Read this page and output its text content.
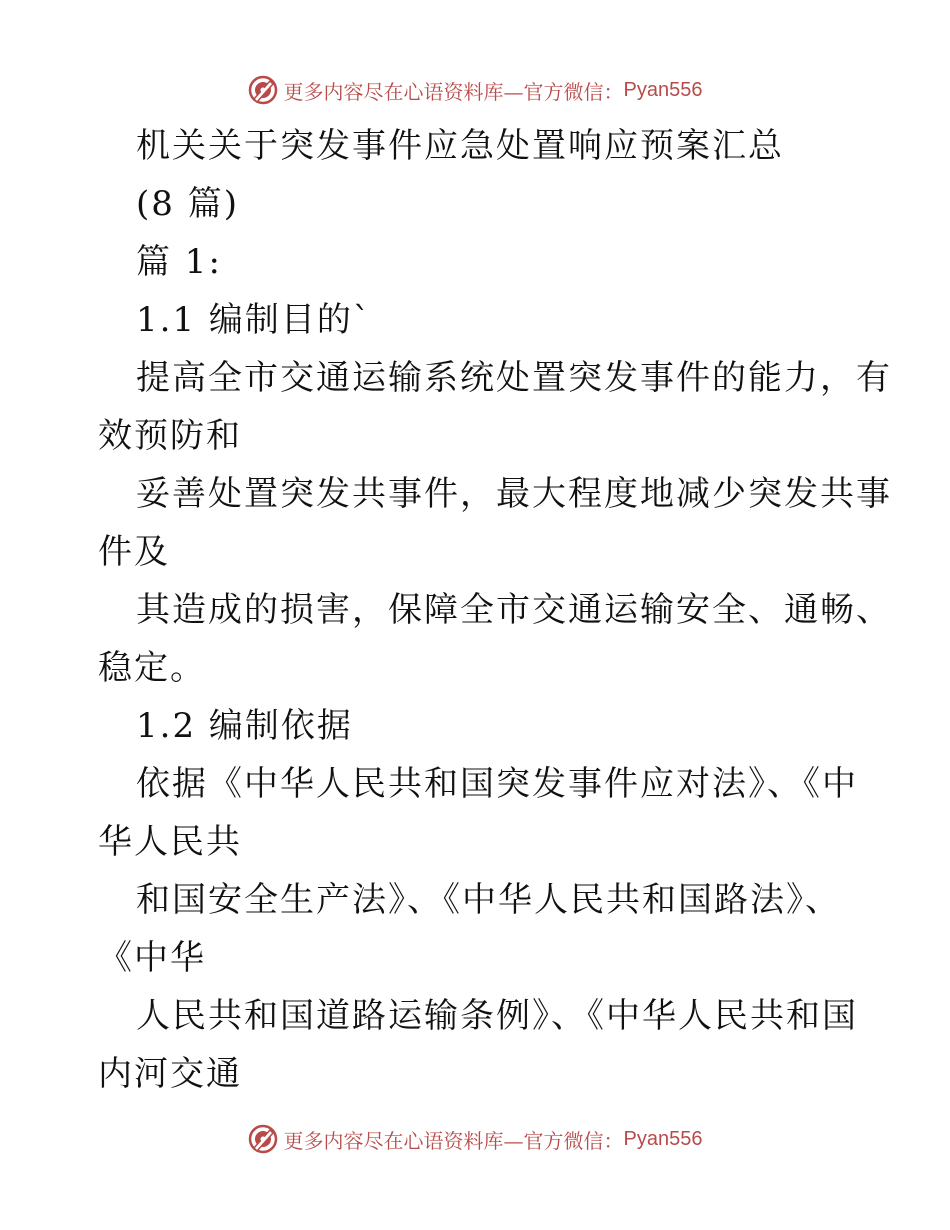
更多内容尽在心语资料库—官方微信： Pyan556
机关关于突发事件应急处置响应预案汇总
(8 篇)
篇 1:
1.1 编制目的`
提高全市交通运输系统处置突发事件的能力，有
效预防和
妥善处置突发共事件，最大程度地减少突发共事
件及
其造成的损害，保障全市交通运输安全、通畅、
稳定。
1.2 编制依据
依据《中华人民共和国突发事件应对法》、《中
华人民共
和国安全生产法》、《中华人民共和国路法》、
《中华
人民共和国道路运输条例》、《中华人民共和国
内河交通
更多内容尽在心语资料库—官方微信： Pyan556
